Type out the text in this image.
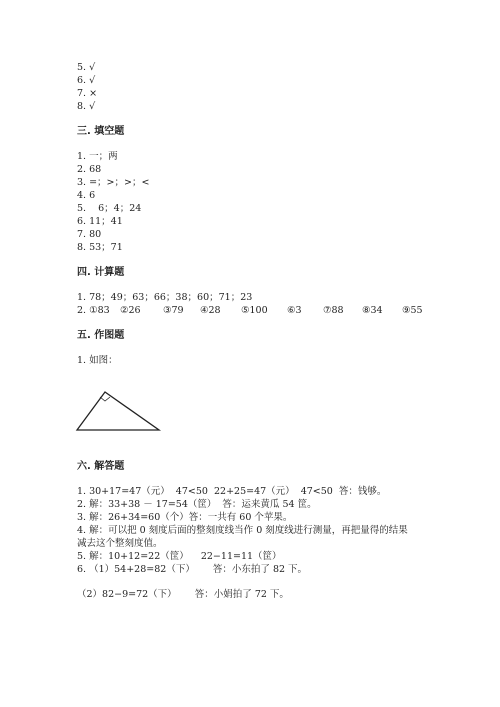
5. √
6. √
7. ×
8. √
三. 填空题
1. 一；两
2. 68
3. =；>；>；<
4. 6
5.    6；4；24
6. 11；41
7. 80
8. 53；71
四. 计算题
1. 78；49；63；66；38；60；71；23

2. ①83

②26

③79

④28

⑤100

⑥3

⑦88

⑧34

⑨55

五. 作图题
1. 如图：
六. 解答题
1. 30+17=47（元）  47<50  22+25=47（元）  47<50  答：钱够。
2. 解：33+38 － 17=54（筐）  答：运来黄瓜 54 筐。
3. 解：26+34=60（个）答：一共有 60 个苹果。
4. 解：可以把 0 刻度后面的整刻度线当作 0 刻度线进行测量，再把量得的结果
减去这个整刻度值。
5. 解：10+12=22（筐）    22−11=11（筐）
6. （1）54+28=82（下）      答：小东拍了 82 下。
（2）82−9=72（下）      答：小娟拍了 72 下。
